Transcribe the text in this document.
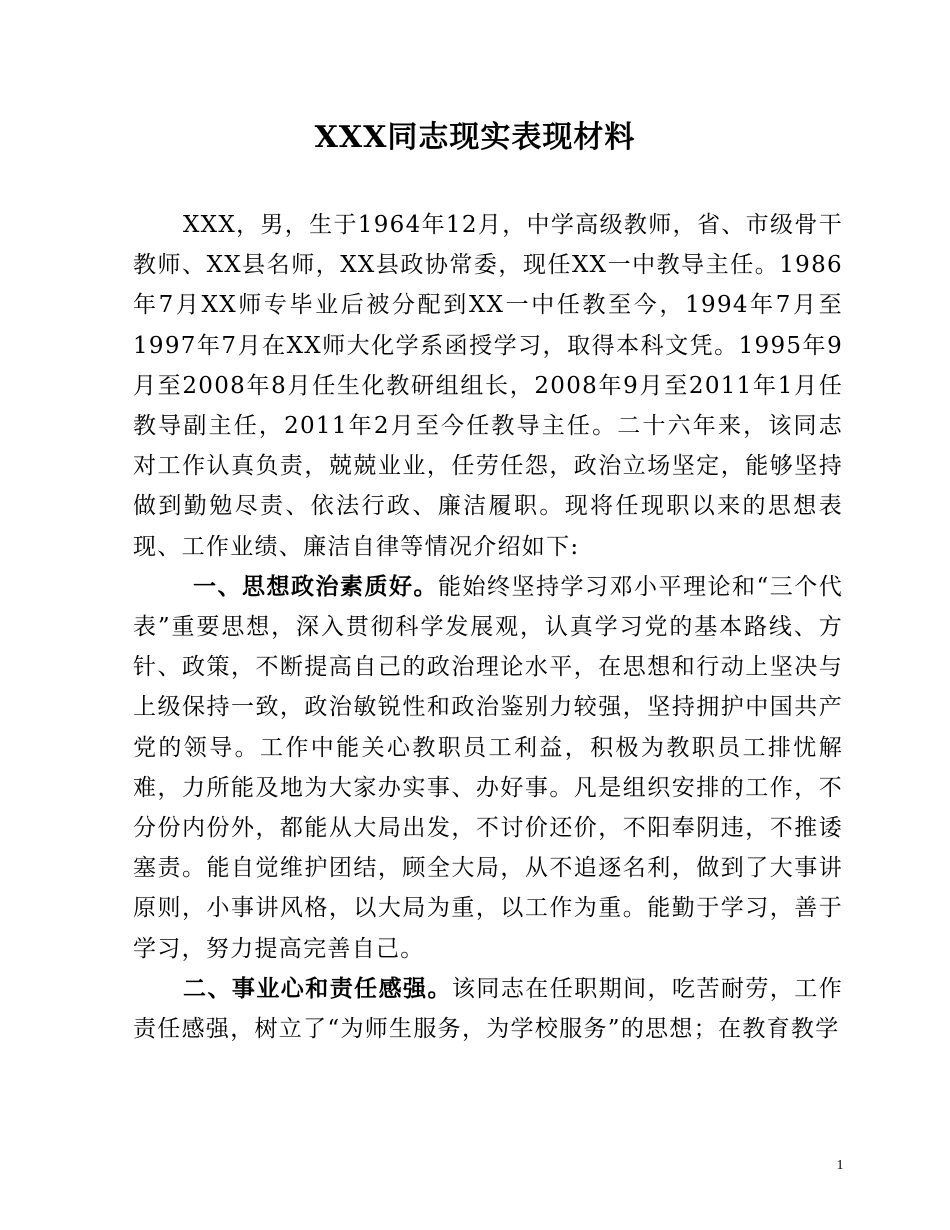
XXX同志现实表现材料

XXX，男，生于1964年12月，中学高级教师，省、市级骨干教师、XX县名师，XX县政协常委，现任XX一中教导主任。1986年7月XX师专毕业后被分配到XX一中任教至今，1994年7月至1997年7月在XX师大化学系函授学习，取得本科文凭。1995年9月至2008年8月任生化教研组组长，2008年9月至2011年1月任教导副主任，2011年2月至今任教导主任。二十六年来，该同志对工作认真负责，兢兢业业，任劳任怨，政治立场坚定，能够坚持做到勤勉尽责、依法行政、廉洁履职。现将任现职以来的思想表现、工作业绩、廉洁自律等情况介绍如下:

一、思想政治素质好。能始终坚持学习邓小平理论和“三个代表”重要思想，深入贯彻科学发展观，认真学习党的基本路线、方针、政策，不断提高自己的政治理论水平，在思想和行动上坚决与上级保持一致，政治敏锐性和政治鉴别力较强，坚持拥护中国共产党的领导。工作中能关心教职员工利益，积极为教职员工排忧解难，力所能及地为大家办实事、办好事。凡是组织安排的工作，不分份内份外，都能从大局出发，不讨价还价，不阳奉阴违，不推诿塞责。能自觉维护团结，顾全大局，从不追逐名利，做到了大事讲原则，小事讲风格，以大局为重，以工作为重。能勤于学习，善于学习，努力提高完善自己。

二、事业心和责任感强。该同志在任职期间，吃苦耐劳，工作责任感强，树立了“为师生服务，为学校服务”的思想；在教育教学

1
